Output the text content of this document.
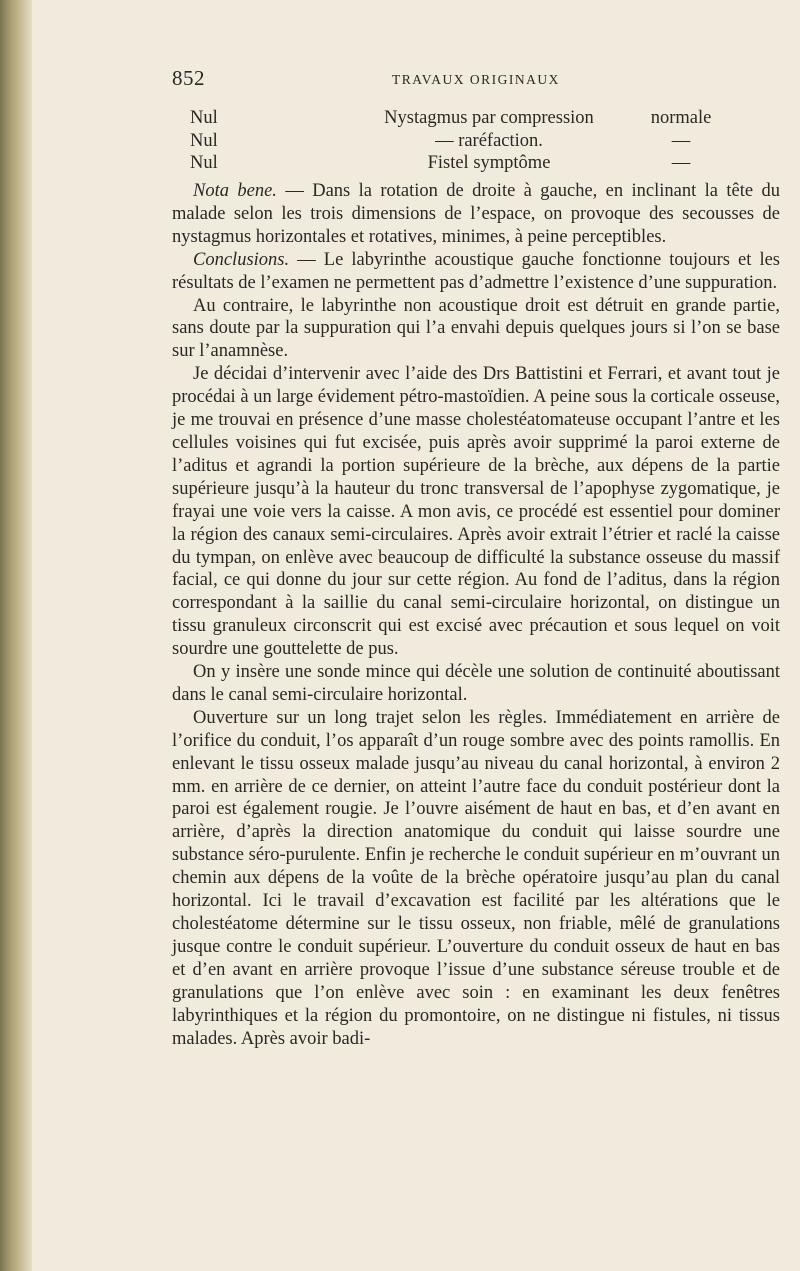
852	TRAVAUX ORIGINAUX
Nul	Nystagmus par compression	normale
Nul	— raréfaction.	—
Nul	Fistel symptôme	—

Nota bene. — Dans la rotation de droite à gauche, en inclinant la tête du malade selon les trois dimensions de l’espace, on provoque des secousses de nystagmus horizontales et rotatives, minimes, à peine perceptibles.

Conclusions. — Le labyrinthe acoustique gauche fonctionne toujours et les résultats de l’examen ne permettent pas d’admettre l’existence d’une suppuration.

Au contraire, le labyrinthe non acoustique droit est détruit en grande partie, sans doute par la suppuration qui l’a envahi depuis quelques jours si l’on se base sur l’anamnèse.

Je décidai d’intervenir avec l’aide des Drs Battistini et Ferrari, et avant tout je procédai à un large évidement pétro-mastoïdien. A peine sous la corticale osseuse, je me trouvai en présence d’une masse cholestéatomateuse occupant l’antre et les cellules voisines qui fut excisée, puis après avoir supprimé la paroi externe de l’aditus et agrandi la portion supérieure de la brèche, aux dépens de la partie supérieure jusqu’à la hauteur du tronc transversal de l’apophyse zygomatique, je frayai une voie vers la caisse. A mon avis, ce procédé est essentiel pour dominer la région des canaux semi-circulaires. Après avoir extrait l’étrier et raclé la caisse du tympan, on enlève avec beaucoup de difficulté la substance osseuse du massif facial, ce qui donne du jour sur cette région. Au fond de l’aditus, dans la région correspondant à la saillie du canal semi-circulaire horizontal, on distingue un tissu granuleux circonscrit qui est excisé avec précaution et sous lequel on voit sourdre une gouttelette de pus.

On y insère une sonde mince qui décèle une solution de continuité aboutissant dans le canal semi-circulaire horizontal.

Ouverture sur un long trajet selon les règles. Immédiatement en arrière de l’orifice du conduit, l’os apparaît d’un rouge sombre avec des points ramollis. En enlevant le tissu osseux malade jusqu’au niveau du canal horizontal, à environ 2 mm. en arrière de ce dernier, on atteint l’autre face du conduit postérieur dont la paroi est également rougie. Je l’ouvre aisément de haut en bas, et d’en avant en arrière, d’après la direction anatomique du conduit qui laisse sourdre une substance séro-purulente. Enfin je recherche le conduit supérieur en m’ouvrant un chemin aux dépens de la voûte de la brèche opératoire jusqu’au plan du canal horizontal. Ici le travail d’excavation est facilité par les altérations que le cholestéatome détermine sur le tissu osseux, non friable, mêlé de granulations jusque contre le conduit supérieur. L’ouverture du conduit osseux de haut en bas et d’en avant en arrière provoque l’issue d’une substance séreuse trouble et de granulations que l’on enlève avec soin : en examinant les deux fenêtres labyrinthiques et la région du promontoire, on ne distingue ni fistules, ni tissus malades. Après avoir badi-
